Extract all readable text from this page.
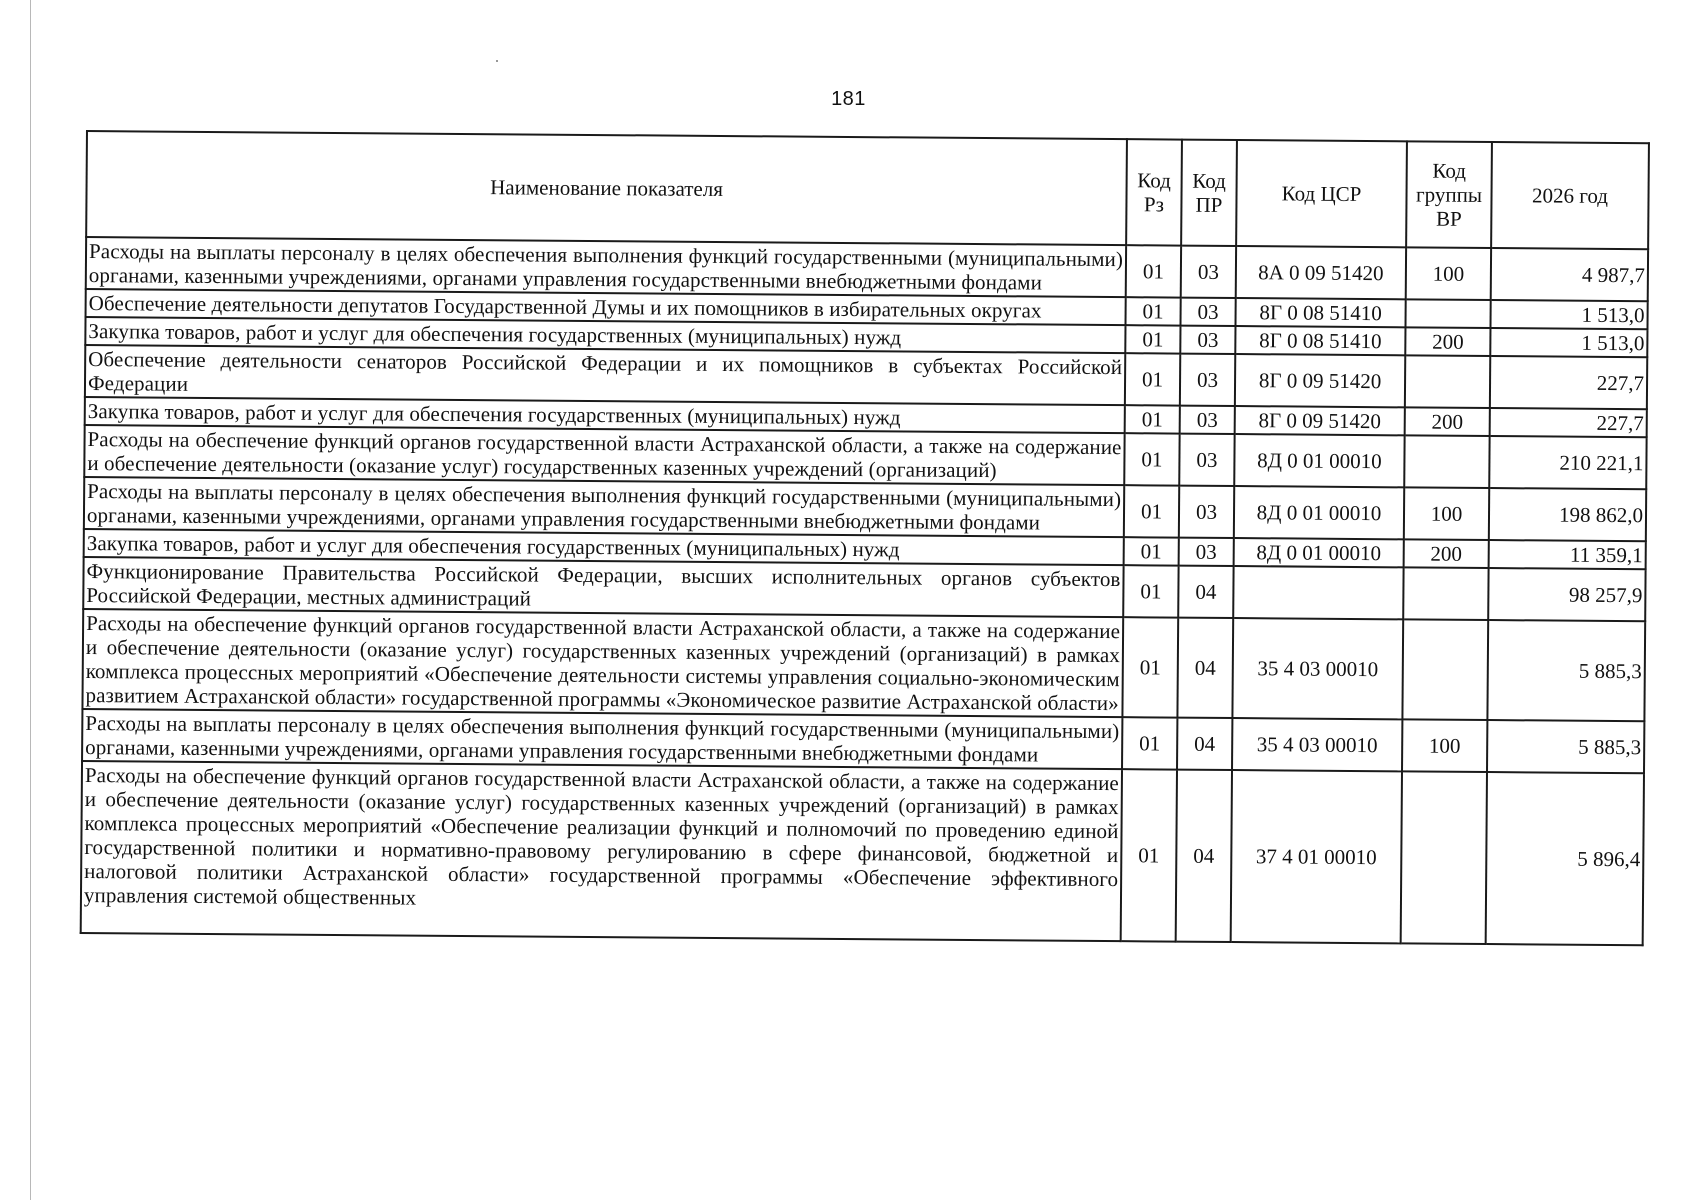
181
Наименование показателя	Код Рз	Код ПР	Код ЦСР	Код группы ВР	2026 год
Расходы на выплаты персоналу в целях обеспечения выполнения функций государственными (муниципальными) органами, казенными учреждениями, органами управления государственными внебюджетными фондами	01	03	8А 0 09 51420	100	4 987,7
Обеспечение деятельности депутатов Государственной Думы и их помощников в избирательных округах	01	03	8Г 0 08 51410		1 513,0
Закупка товаров, работ и услуг для обеспечения государственных (муниципальных) нужд	01	03	8Г 0 08 51410	200	1 513,0
Обеспечение деятельности сенаторов Российской Федерации и их помощников в субъектах Российской Федерации	01	03	8Г 0 09 51420		227,7
Закупка товаров, работ и услуг для обеспечения государственных (муниципальных) нужд	01	03	8Г 0 09 51420	200	227,7
Расходы на обеспечение функций органов государственной власти Астраханской области, а также на содержание и обеспечение деятельности (оказание услуг) государственных казенных учреждений (организаций)	01	03	8Д 0 01 00010		210 221,1
Расходы на выплаты персоналу в целях обеспечения выполнения функций государственными (муниципальными) органами, казенными учреждениями, органами управления государственными внебюджетными фондами	01	03	8Д 0 01 00010	100	198 862,0
Закупка товаров, работ и услуг для обеспечения государственных (муниципальных) нужд	01	03	8Д 0 01 00010	200	11 359,1
Функционирование Правительства Российской Федерации, высших исполнительных органов субъектов Российской Федерации, местных администраций	01	04			98 257,9
Расходы на обеспечение функций органов государственной власти Астраханской области, а также на содержание и обеспечение деятельности (оказание услуг) государственных казенных учреждений (организаций) в рамках комплекса процессных мероприятий «Обеспечение деятельности системы управления социально-экономическим развитием Астраханской области» государственной программы «Экономическое развитие Астраханской области»	01	04	35 4 03 00010		5 885,3
Расходы на выплаты персоналу в целях обеспечения выполнения функций государственными (муниципальными) органами, казенными учреждениями, органами управления государственными внебюджетными фондами	01	04	35 4 03 00010	100	5 885,3

Расходы на обеспечение функций органов государственной власти Астраханской области, а также на содержание и обеспечение деятельности (оказание услуг) государственных казенных учреждений (организаций) в рамках комплекса процессных мероприятий «Обеспечение реализации функций и полномочий по проведению единой государственной политики и нормативно-правовому регулированию в сфере финансовой, бюджетной и налоговой политики Астраханской области» государственной программы «Обеспечение эффективного управления системой общественных	01	04	37 4 01 00010		5 896,4
